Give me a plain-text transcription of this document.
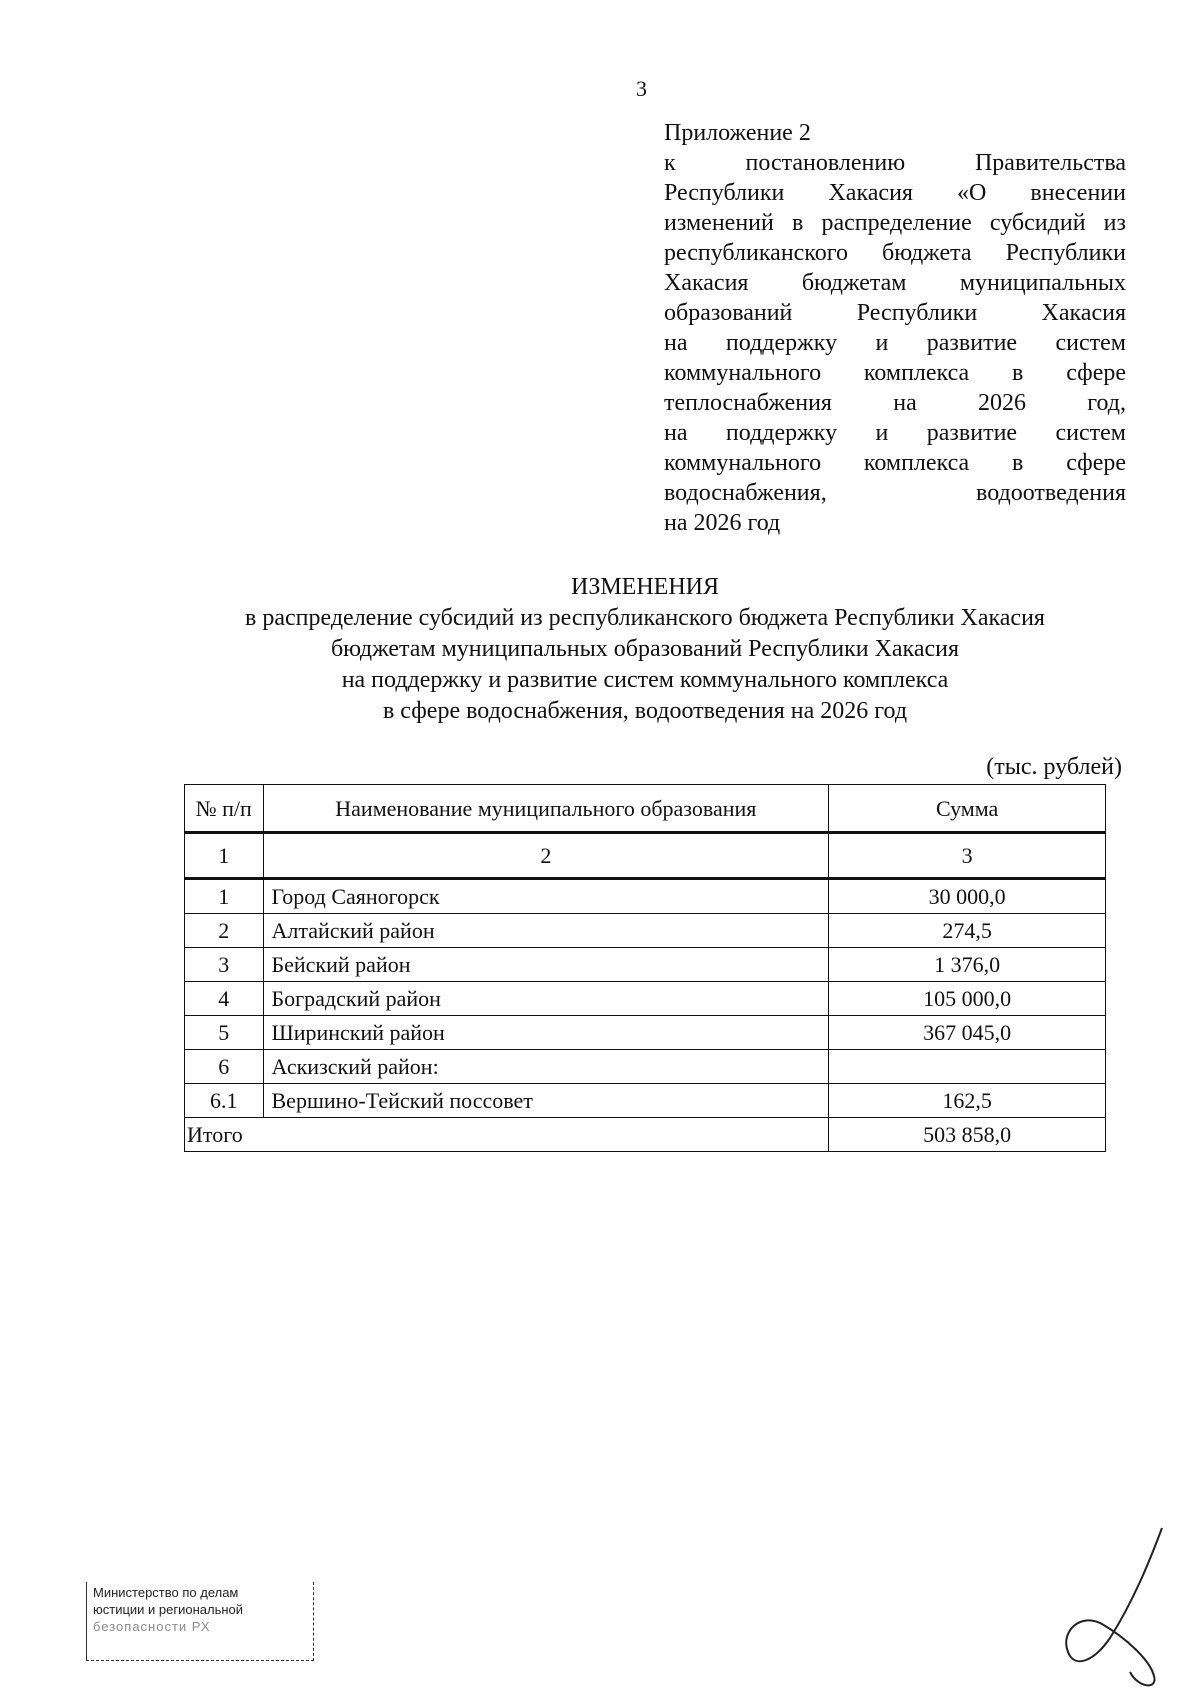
3
Приложение 2
к постановлению Правительства
Республики Хакасия «О внесении
изменений в распределение субсидий из
республиканского бюджета Республики
Хакасия бюджетам муниципальных
образований Республики Хакасия
на поддержку и развитие систем
коммунального комплекса в сфере
теплоснабжения на 2026 год,
на поддержку и развитие систем
коммунального комплекса в сфере
водоснабжения, водоотведения
на 2026 год
ИЗМЕНЕНИЯ
в распределение субсидий из республиканского бюджета Республики Хакасия
бюджетам муниципальных образований Республики Хакасия
на поддержку и развитие систем коммунального комплекса
в сфере водоснабжения, водоотведения на 2026 год
(тыс. рублей)
№ п/п	Наименование муниципального образования	Сумма
1	2	3
1	Город Саяногорск	30 000,0
2	Алтайский район	274,5
3	Бейский район	1 376,0
4	Боградский район	105 000,0
5	Ширинский район	367 045,0
6	Аскизский район:	
6.1	Вершино-Тейский поссовет	162,5
Итого		503 858,0
Министерство по делам
юстиции и региональной
безопасности РХ
